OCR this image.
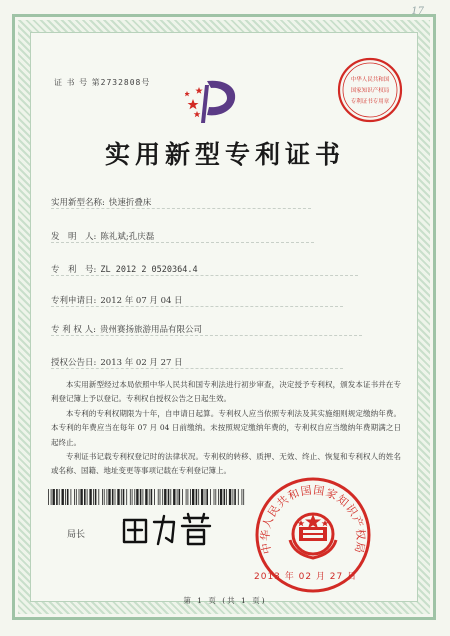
17
证 书 号 第2732808号	中华人民共和国
国家知识产权局
专利证书专用章
实用新型专利证书
实用新型名称: 快速折叠床
发　明　人: 陈礼斌;孔庆磊
专　利　号: ZL 2012 2 0520364.4
专利申请日: 2012 年 07 月 04 日
专 利 权 人: 贵州赛扬旅游用品有限公司
授权公告日: 2013 年 02 月 27 日

本实用新型经过本局依照中华人民共和国专利法进行初步审查，决定授予专利权，颁发本证书并在专利登记簿上予以登记。专利权自授权公告之日起生效。

本专利的专利权期限为十年，自申请日起算。专利权人应当依照专利法及其实施细则规定缴纳年费。本专利的年费应当在每年 07 月 04 日前缴纳。未按照规定缴纳年费的，专利权自应当缴纳年费期满之日起终止。

专利证书记载专利权登记时的法律状况。专利权的转移、质押、无效、终止、恢复和专利权人的姓名或名称、国籍、地址变更等事项记载在专利登记簿上。

局长
中华人民共和国国家知识产权局
2013 年 02 月 27 日
第 1 页 (共 1 页)
